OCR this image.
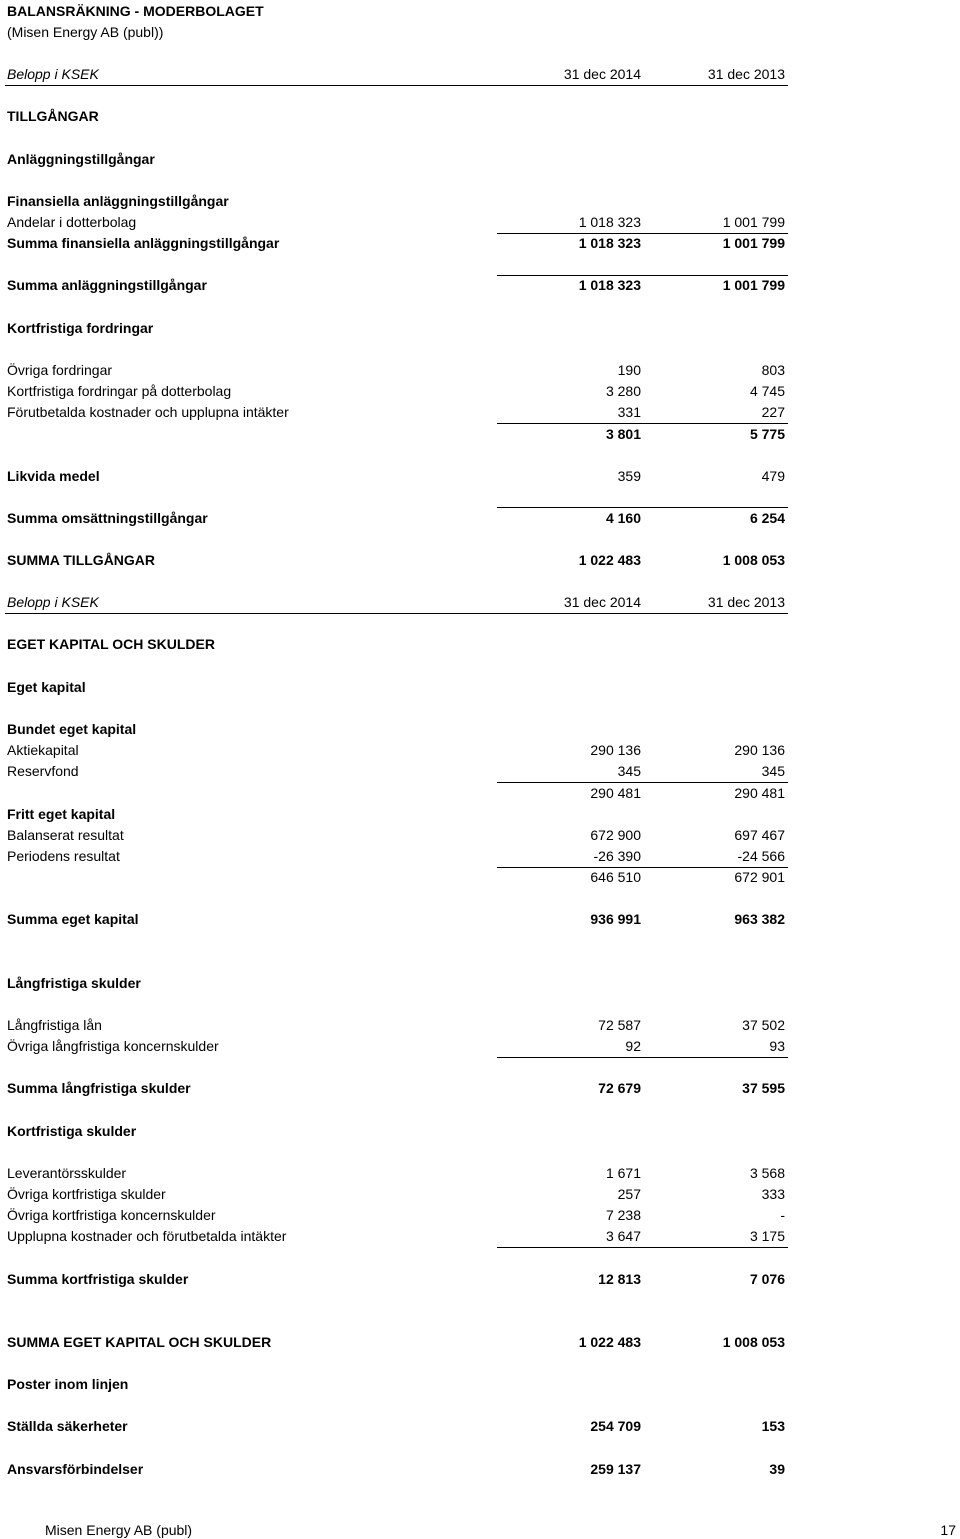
BALANSRÄKNING - MODERBOLAGET
(Misen Energy AB (publ))
Belopp i KSEK	31 dec 2014	31 dec 2013
TILLGÅNGAR
Anläggningstillgångar
Finansiella anläggningstillgångar
Andelar i dotterbolag	1 018 323	1 001 799
Summa finansiella anläggningstillgångar	1 018 323	1 001 799
Summa anläggningstillgångar	1 018 323	1 001 799
Kortfristiga fordringar
Övriga fordringar	190	803
Kortfristiga fordringar på dotterbolag	3 280	4 745
Förutbetalda kostnader och upplupna intäkter	331	227
3 801	5 775
Likvida medel	359	479
Summa omsättningstillgångar	4 160	6 254
SUMMA TILLGÅNGAR	1 022 483	1 008 053
Belopp i KSEK	31 dec 2014	31 dec 2013
EGET KAPITAL OCH SKULDER
Eget kapital
Bundet eget kapital
Aktiekapital	290 136	290 136
Reservfond	345	345
290 481	290 481
Fritt eget kapital
Balanserat resultat	672 900	697 467
Periodens resultat	-26 390	-24 566
646 510	672 901
Summa eget kapital	936 991	963 382
Långfristiga skulder
Långfristiga lån	72 587	37 502
Övriga långfristiga koncernskulder	92	93
Summa långfristiga skulder	72 679	37 595
Kortfristiga skulder
Leverantörsskulder	1 671	3 568
Övriga kortfristiga skulder	257	333
Övriga kortfristiga koncernskulder	7 238	-
Upplupna kostnader och förutbetalda intäkter	3 647	3 175
Summa kortfristiga skulder	12 813	7 076
SUMMA EGET KAPITAL OCH SKULDER	1 022 483	1 008 053
Poster inom linjen
Ställda säkerheter	254 709	153
Ansvarsförbindelser	259 137	39
Misen Energy AB (publ)	17
